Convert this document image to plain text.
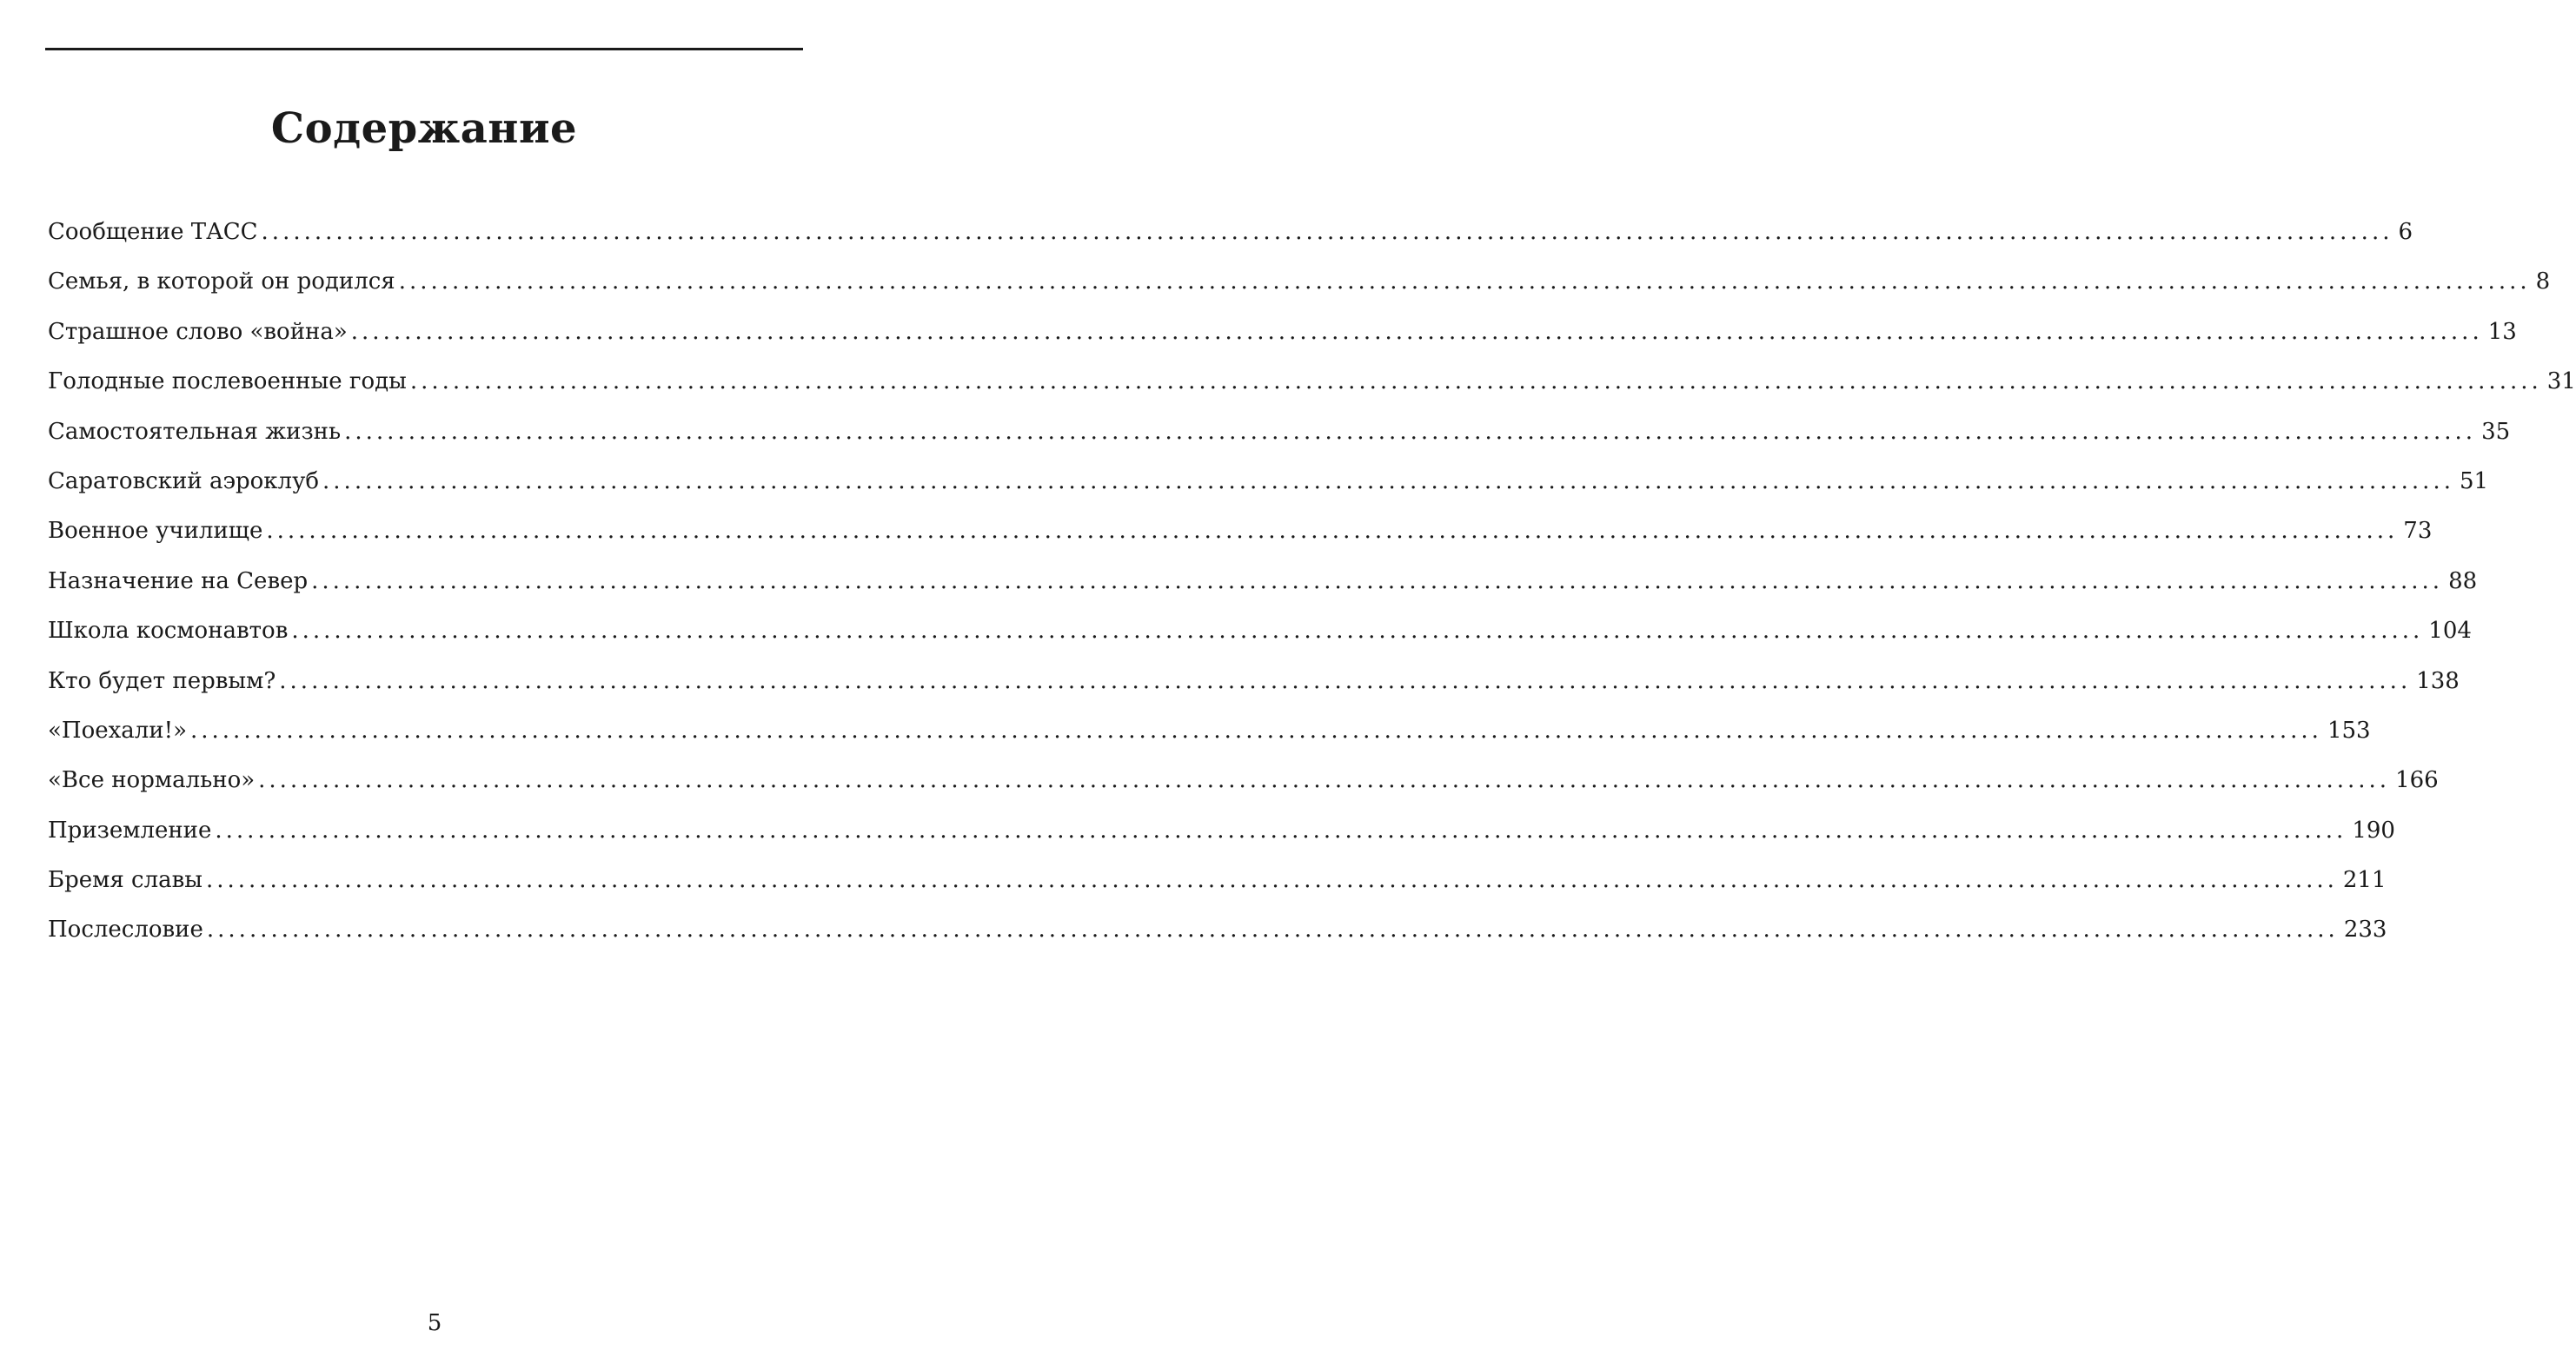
Содержание
Сообщение ТАСС ........................................................................................................................................................................................................ 6
Семья, в которой он родился ........................................................................................................................................................................................................ 8
Страшное слово «война» ........................................................................................................................................................................................................ 13
Голодные послевоенные годы ........................................................................................................................................................................................................ 31
Самостоятельная жизнь ........................................................................................................................................................................................................ 35
Саратовский аэроклуб ........................................................................................................................................................................................................ 51
Военное училище ........................................................................................................................................................................................................ 73
Назначение на Север ........................................................................................................................................................................................................ 88
Школа космонавтов ........................................................................................................................................................................................................ 104
Кто будет первым? ........................................................................................................................................................................................................ 138
«Поехали!» ........................................................................................................................................................................................................ 153
«Все нормально» ........................................................................................................................................................................................................ 166
Приземление ........................................................................................................................................................................................................ 190
Бремя славы ........................................................................................................................................................................................................ 211
Послесловие ........................................................................................................................................................................................................ 233
5
